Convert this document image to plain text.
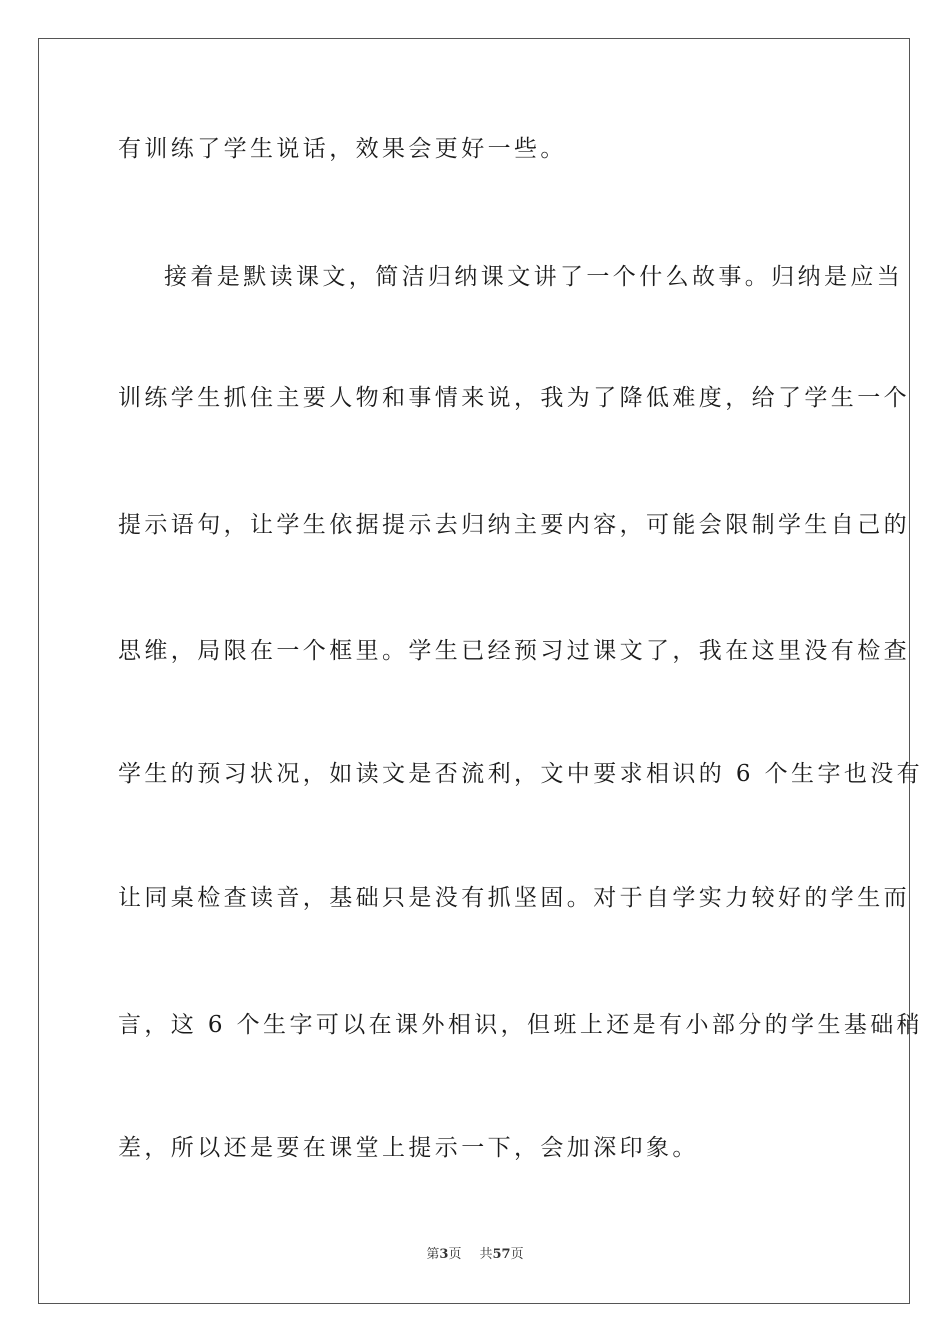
有训练了学生说话，效果会更好一些。
接着是默读课文，简洁归纳课文讲了一个什么故事。归纳是应当
训练学生抓住主要人物和事情来说，我为了降低难度，给了学生一个
提示语句，让学生依据提示去归纳主要内容，可能会限制学生自己的
思维，局限在一个框里。学生已经预习过课文了，我在这里没有检查
学生的预习状况，如读文是否流利，文中要求相识的 6 个生字也没有
让同桌检查读音，基础只是没有抓坚固。对于自学实力较好的学生而
言，这 6 个生字可以在课外相识，但班上还是有小部分的学生基础稍
差，所以还是要在课堂上提示一下，会加深印象。
第3页 共57页
